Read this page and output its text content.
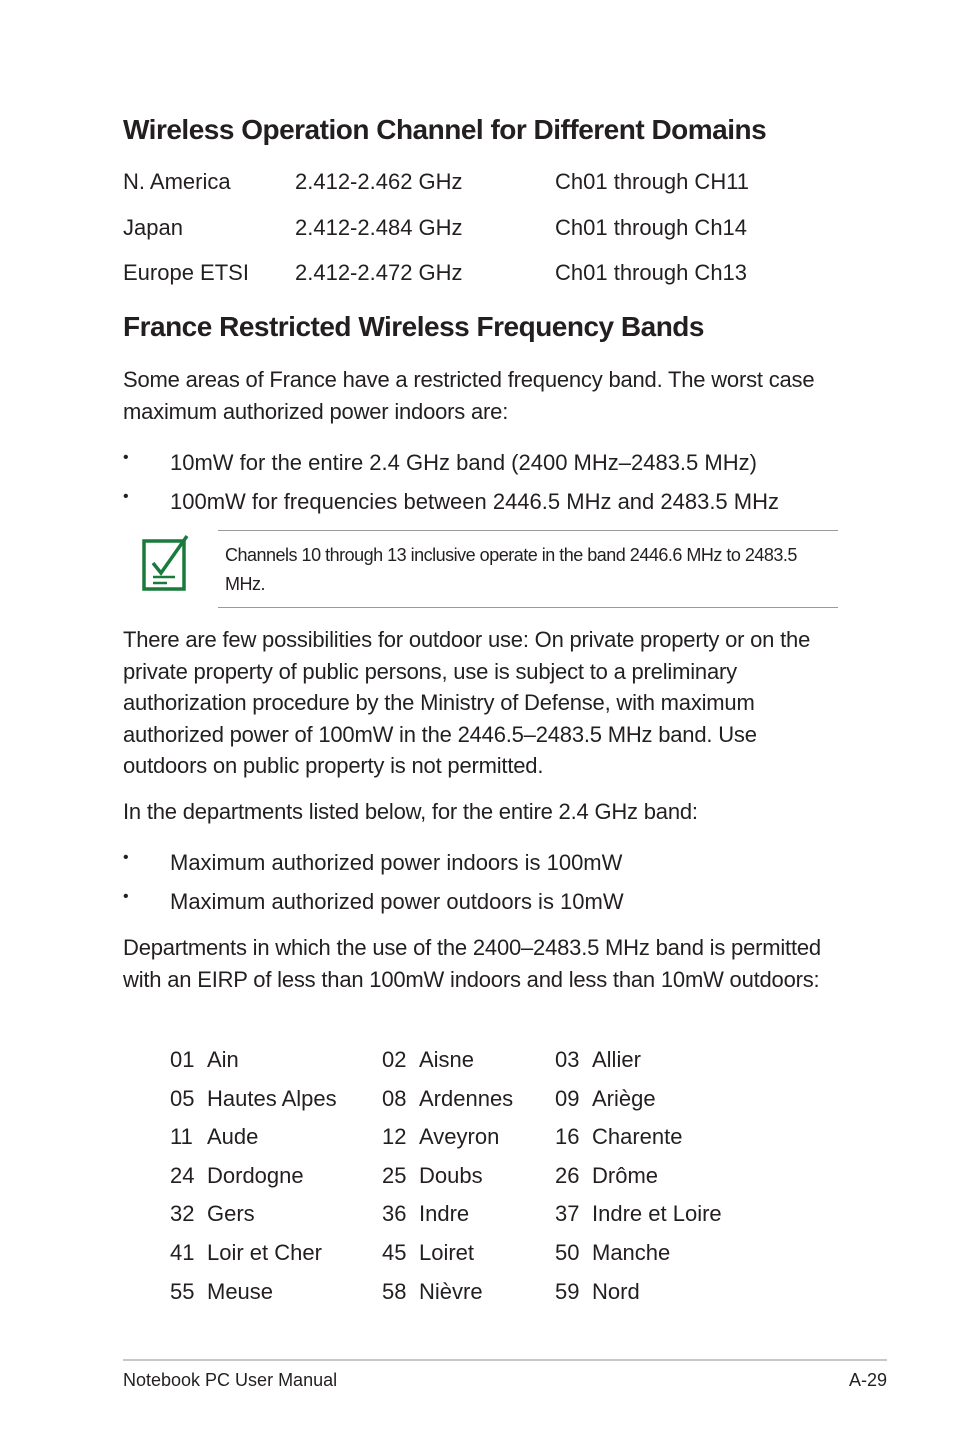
Wireless Operation Channel for Different Domains
N. America	2.412-2.462 GHz	Ch01 through CH11
Japan	2.412-2.484 GHz	Ch01 through Ch14
Europe ETSI 2.412-2.472 GHz	Ch01 through Ch13
France Restricted Wireless Frequency Bands

Some areas of France have a restricted frequency band. The worst case maximum authorized power indoors are:

• 10mW for the entire 2.4 GHz band (2400 MHz–2483.5 MHz)
• 100mW for frequencies between 2446.5 MHz and 2483.5 MHz

Channels 10 through 13 inclusive operate in the band 2446.6 MHz to 2483.5 MHz.

There are few possibilities for outdoor use: On private property or on the private property of public persons, use is subject to a preliminary authorization procedure by the Ministry of Defense, with maximum authorized power of 100mW in the 2446.5–2483.5 MHz band. Use outdoors on public property is not permitted.

In the departments listed below, for the entire 2.4 GHz band:

• Maximum authorized power indoors is 100mW
• Maximum authorized power outdoors is 10mW

Departments in which the use of the 2400–2483.5 MHz band is permitted with an EIRP of less than 100mW indoors and less than 10mW outdoors:

01 Ain	02 Aisne	03 Allier
05 Hautes Alpes 08 Ardennes 09 Ariège
11 Aude	12 Aveyron	16 Charente
24 Dordogne	25 Doubs	26 Drôme
32 Gers	36 Indre	37 Indre et Loire
41 Loir et Cher	45 Loiret	50 Manche
55 Meuse	58 Nièvre	59 Nord
Notebook PC User Manual	A-29
